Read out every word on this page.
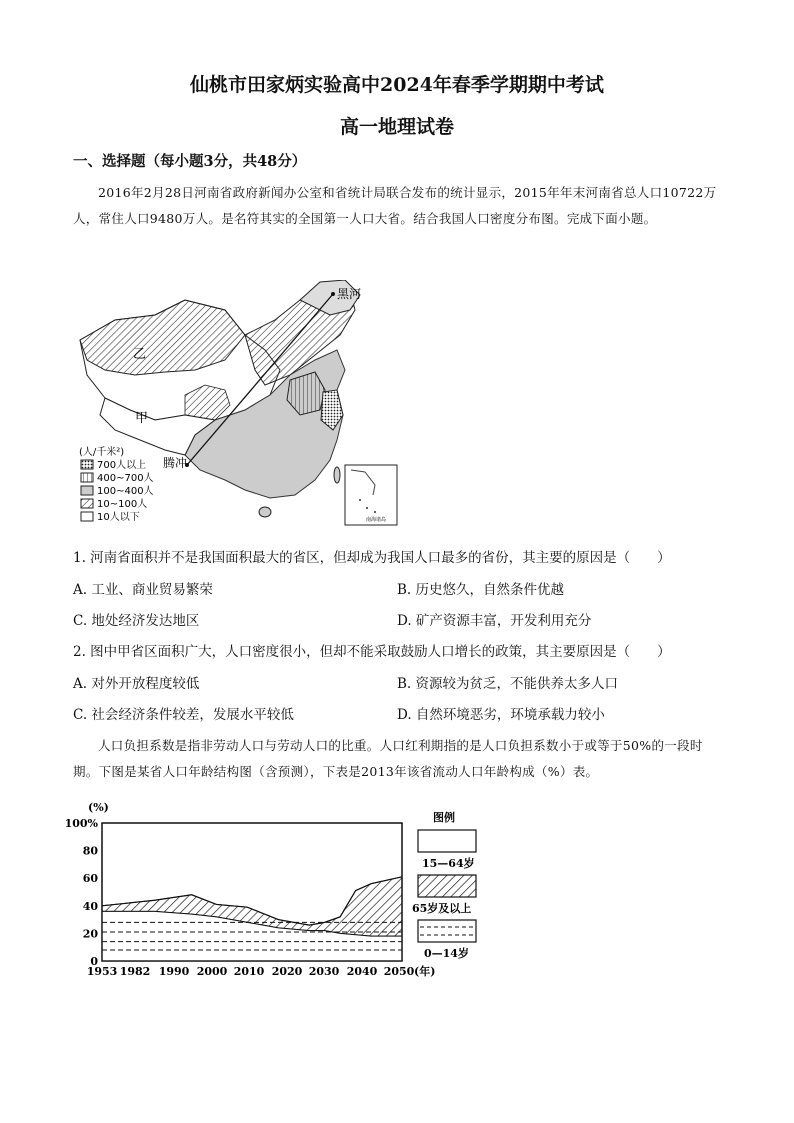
仙桃市田家炳实验高中2024年春季学期期中考试
高一地理试卷
一、选择题（每小题3分，共48分）
2016年2月28日河南省政府新闻办公室和省统计局联合发布的统计显示，2015年年末河南省总人口10722万人，常住人口9480万人。是名符其实的全国第一人口大省。结合我国人口密度分布图。完成下面小题。
黑河
腾冲
乙
甲
(人/千米²)
700人以上
400~700人
100~400人
10~100人
10人以下	南海诸岛
1. 河南省面积并不是我国面积最大的省区，但却成为我国人口最多的省份，其主要的原因是（　　）
A. 工业、商业贸易繁荣	B. 历史悠久，自然条件优越
C. 地处经济发达地区	D. 矿产资源丰富，开发利用充分
2. 图中甲省区面积广大，人口密度很小，但却不能采取鼓励人口增长的政策，其主要原因是（　　）
A. 对外开放程度较低	B. 资源较为贫乏，不能供养太多人口
C. 社会经济条件较差，发展水平较低	D. 自然环境恶劣，环境承载力较小
人口负担系数是指非劳动人口与劳动人口的比重。人口红利期指的是人口负担系数小于或等于50%的一段时期。下图是某省人口年龄结构图（含预测），下表是2013年该省流动人口年龄构成（%）表。
100%
80
60
40
20
0
(%)
1953 1982 1990 2000 2010 2020 2030 2040 2050 (年)
图例
15—64岁
65岁及以上
0—14岁
